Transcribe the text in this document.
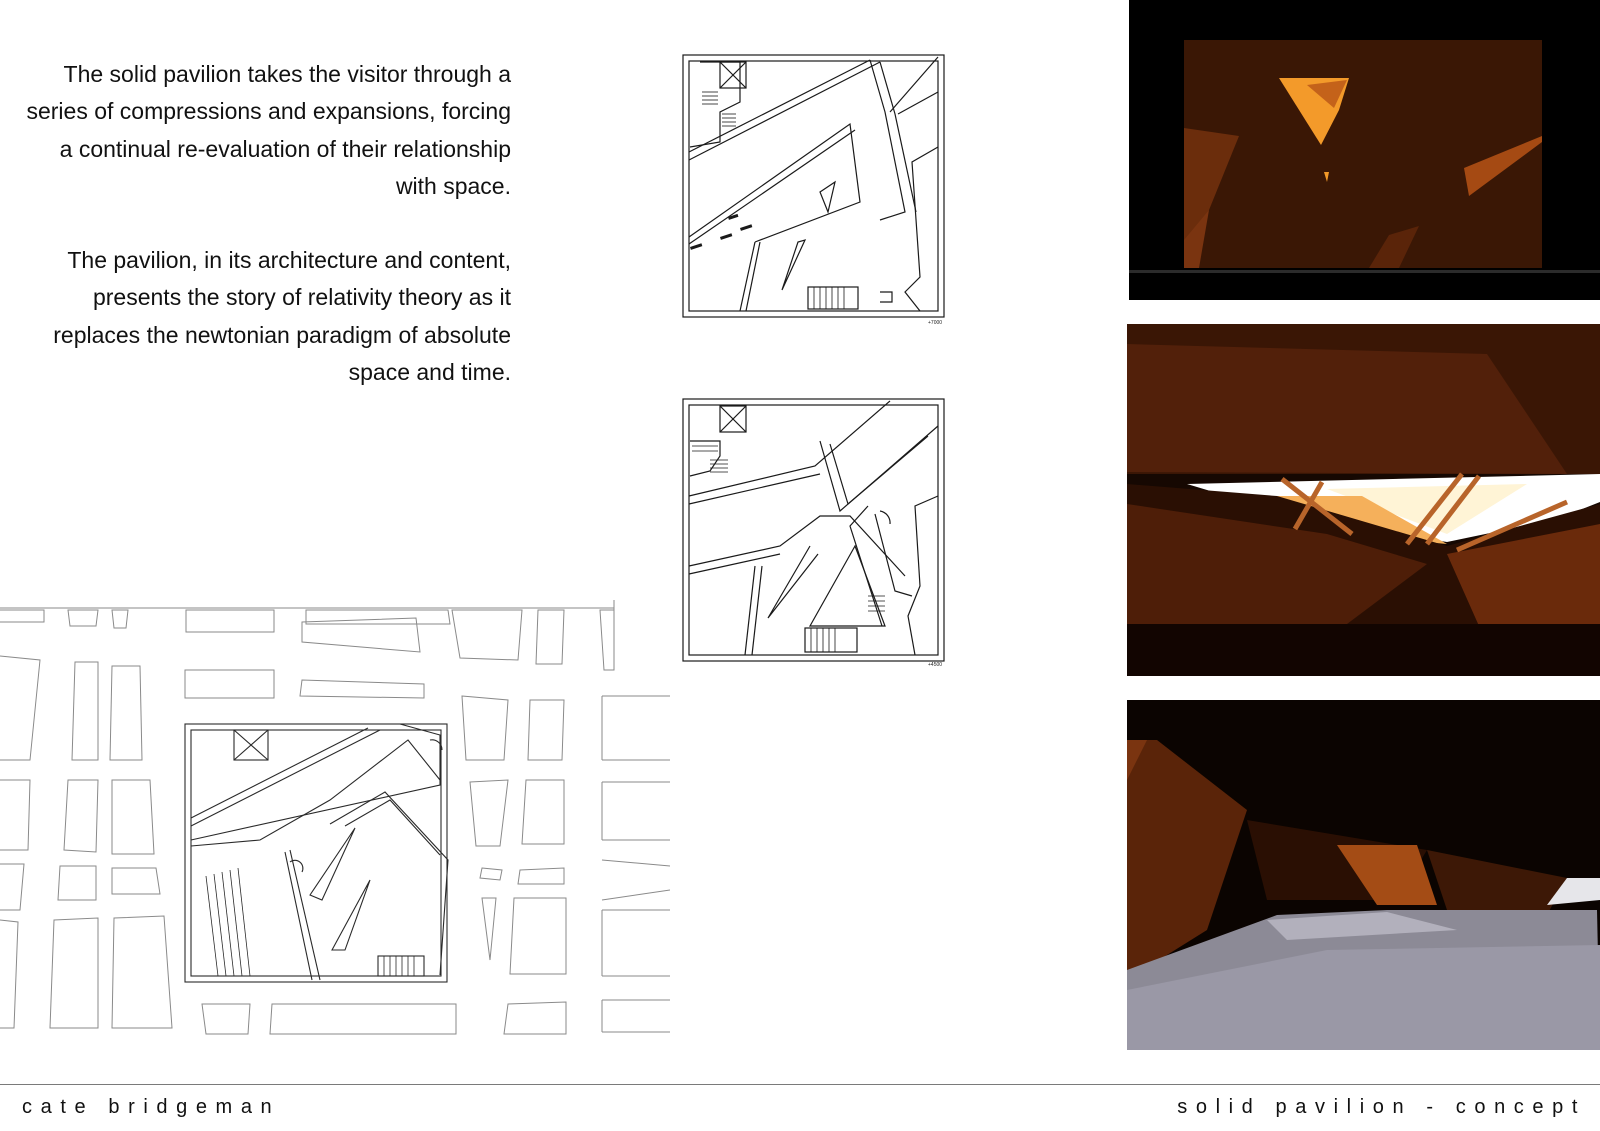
The solid pavilion takes the visitor through a series of compressions and expansions, forcing a continual re-evaluation of their relationship with space.

The pavilion, in its architecture and content, presents the story of relativity theory as it replaces the newtonian paradigm of absolute space and time.

+7000
+4500
cate bridgeman	solid pavilion - concept
